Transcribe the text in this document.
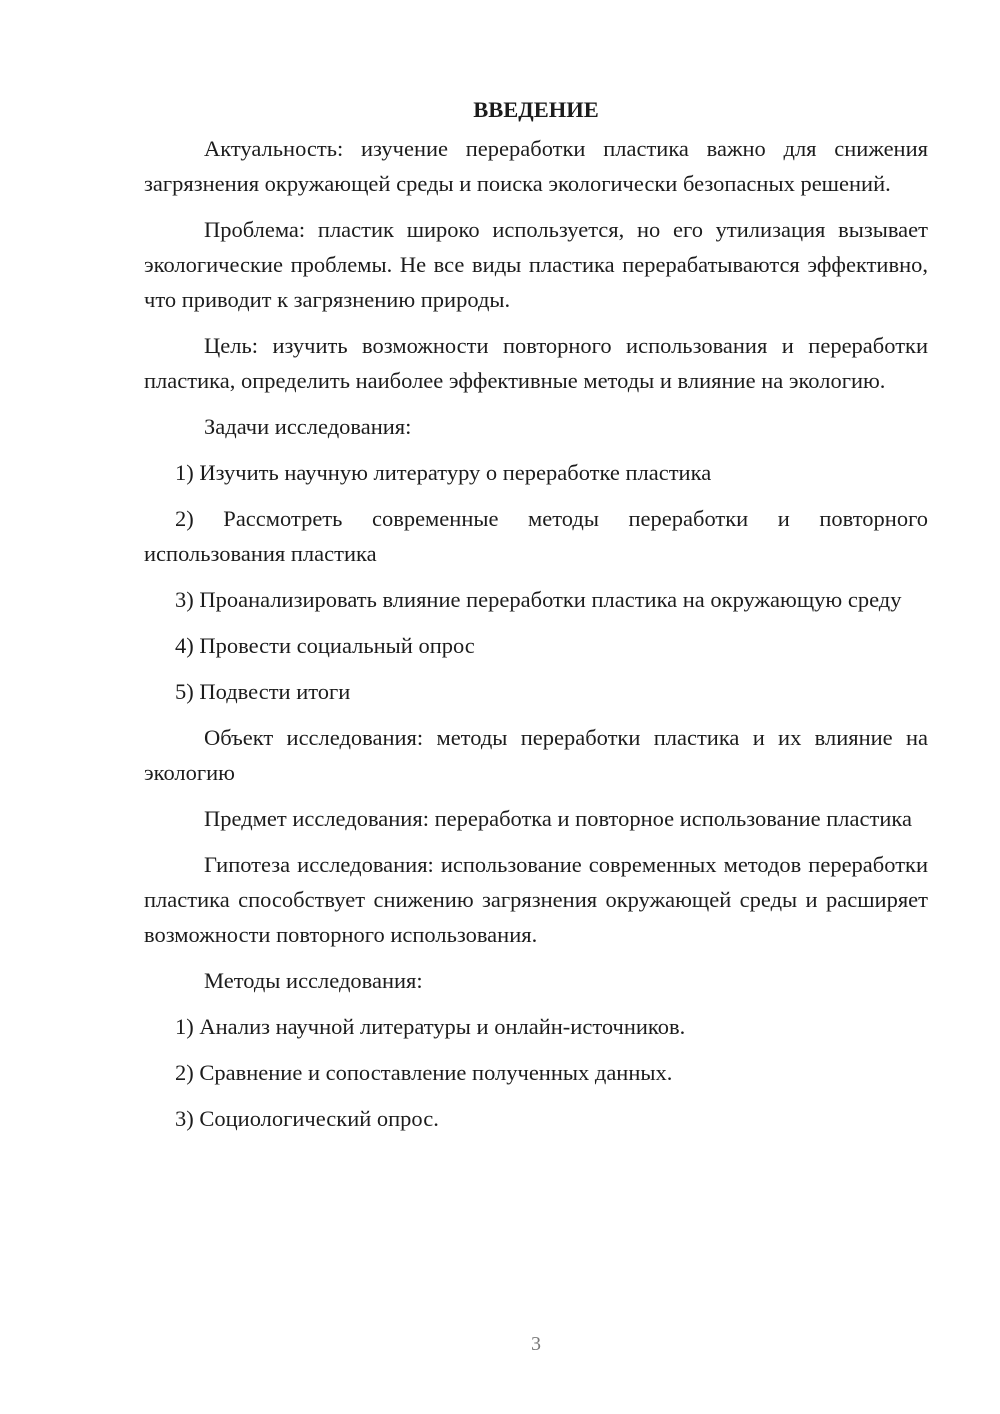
ВВЕДЕНИЕ
Актуальность: изучение переработки пластика важно для снижения загрязнения окружающей среды и поиска экологически безопасных решений.
Проблема: пластик широко используется, но его утилизация вызывает экологические проблемы. Не все виды пластика перерабатываются эффективно, что приводит к загрязнению природы.
Цель: изучить возможности повторного использования и переработки пластика, определить наиболее эффективные методы и влияние на экологию.
Задачи исследования:
1) Изучить научную литературу о переработке пластика
2) Рассмотреть современные методы переработки и повторного использования пластика
3) Проанализировать влияние переработки пластика на окружающую среду
4) Провести социальный опрос
5) Подвести итоги
Объект исследования: методы переработки пластика и их влияние на экологию
Предмет исследования: переработка и повторное использование пластика
Гипотеза исследования: использование современных методов переработки пластика способствует снижению загрязнения окружающей среды и расширяет возможности повторного использования.
Методы исследования:
1) Анализ научной литературы и онлайн-источников.
2) Сравнение и сопоставление полученных данных.
3) Социологический опрос.
3
